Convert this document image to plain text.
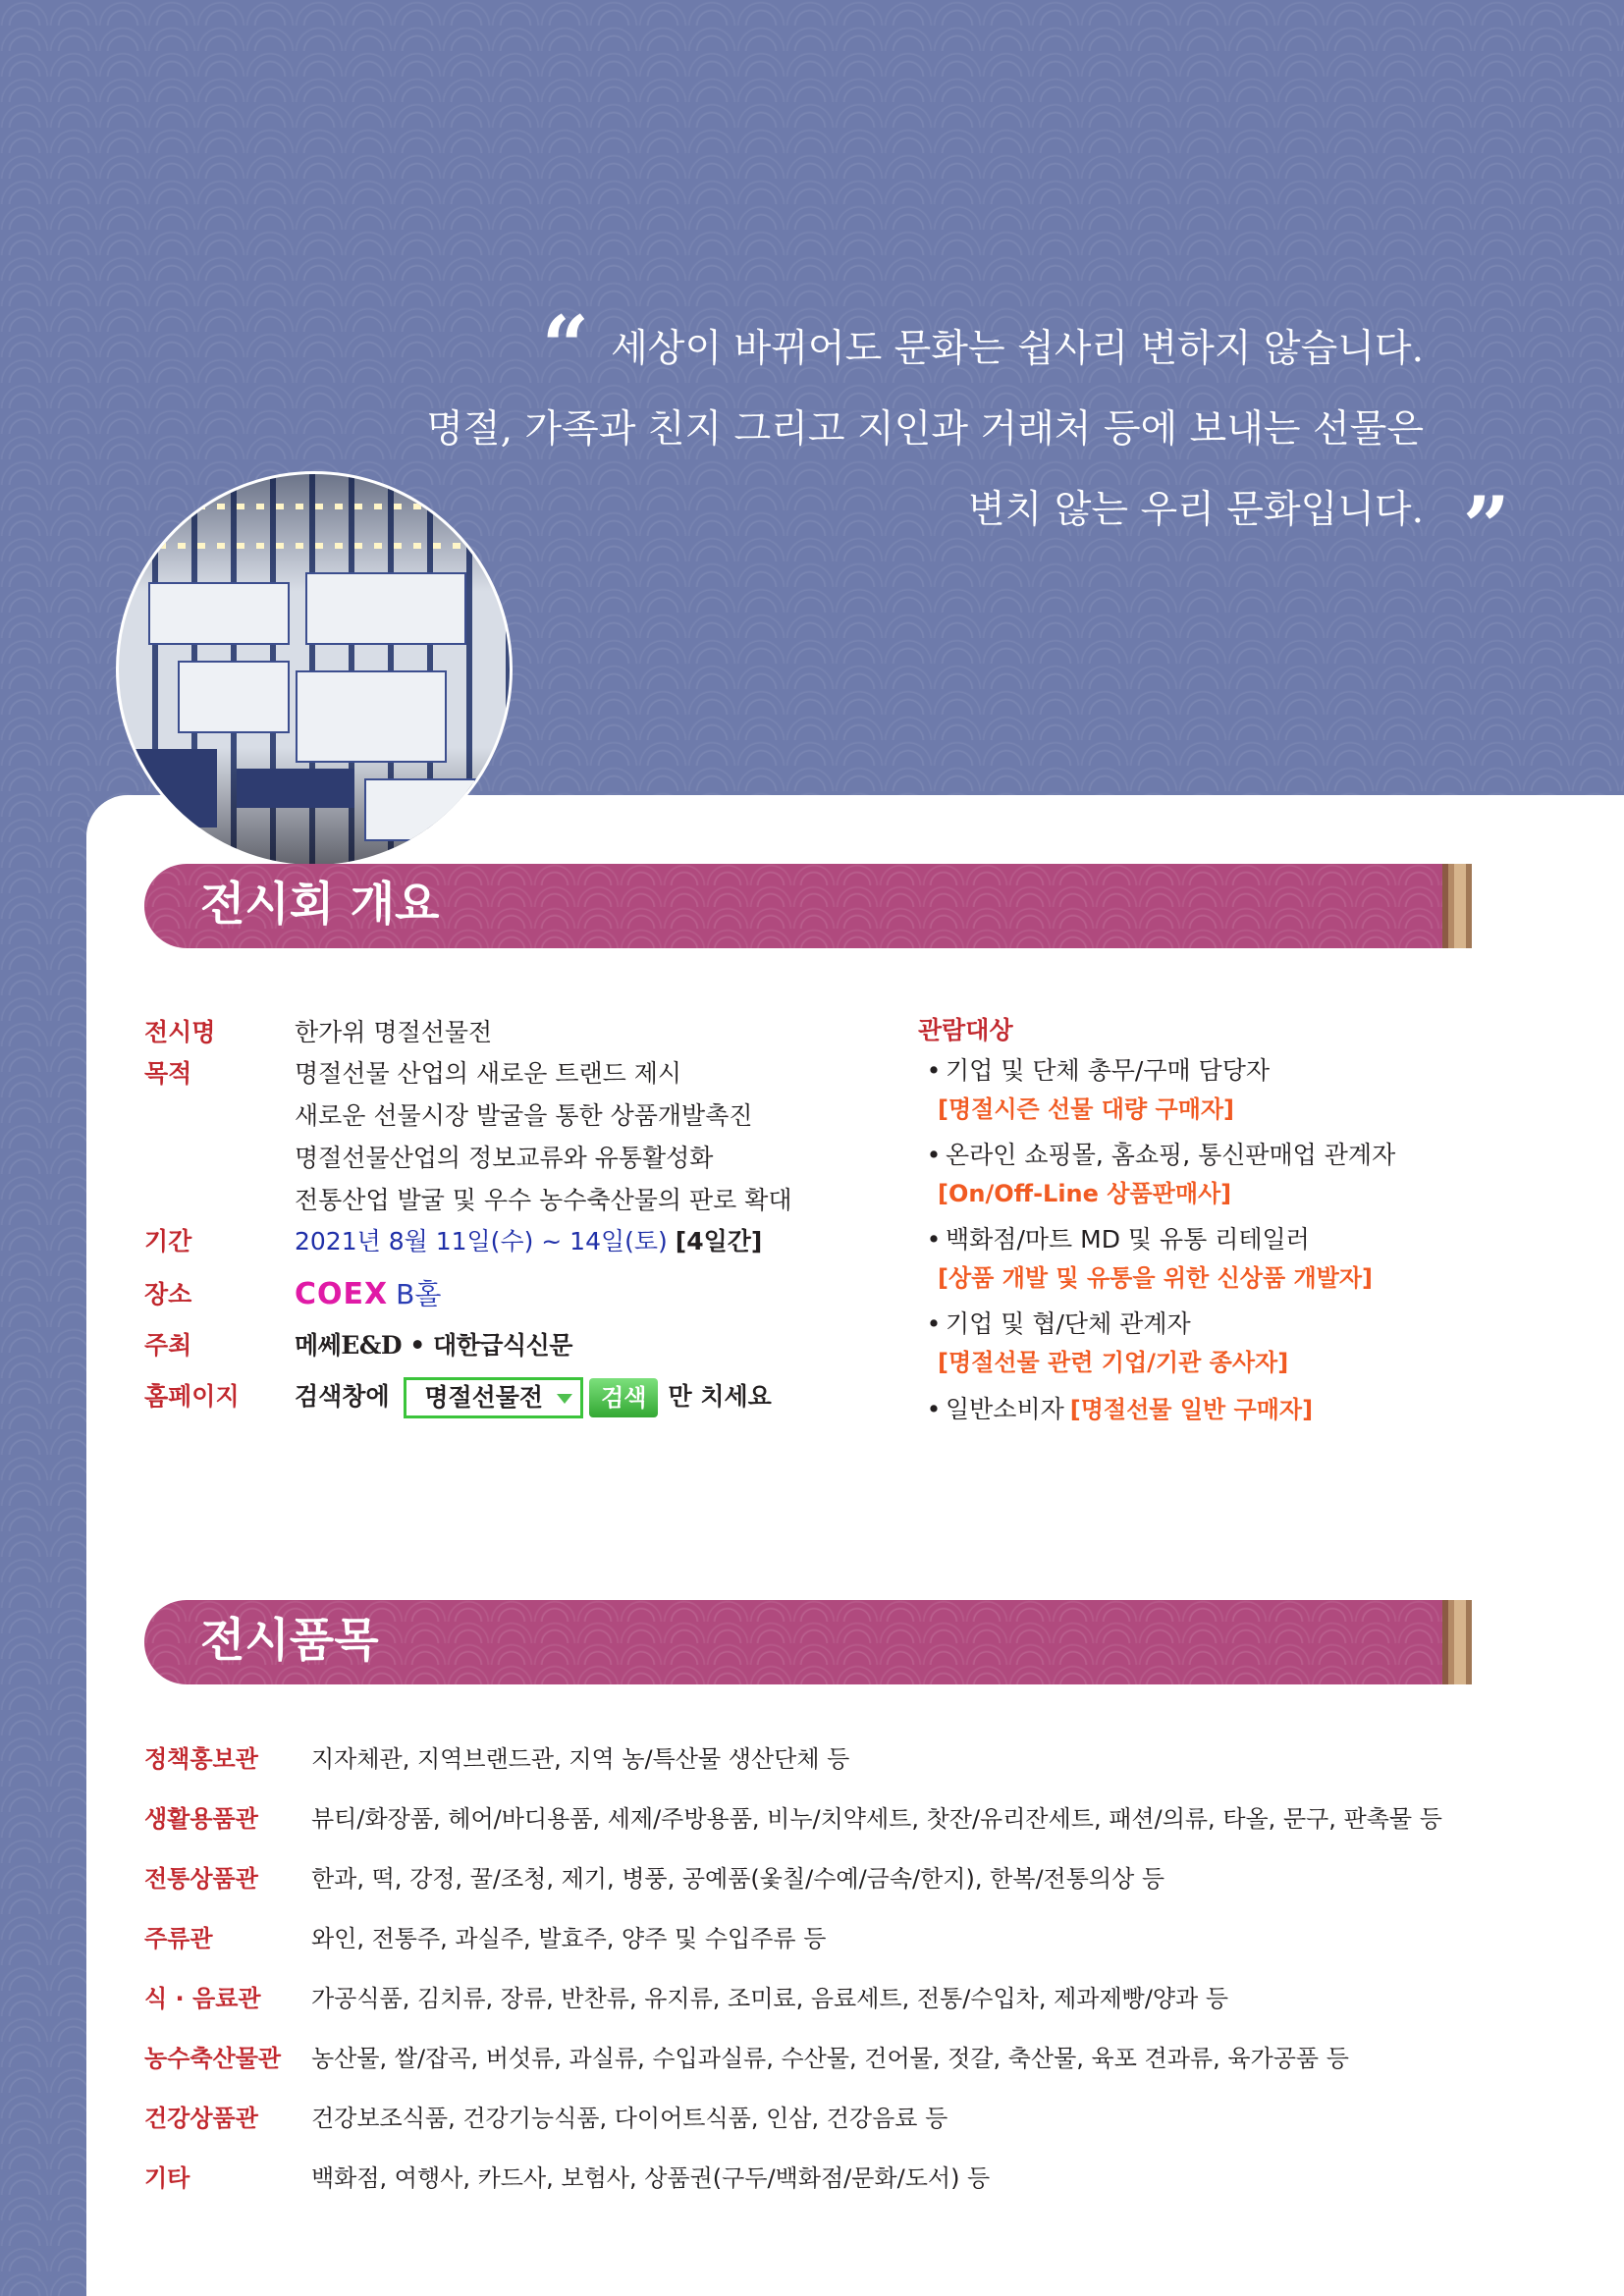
“ 세상이 바뀌어도 문화는 쉽사리 변하지 않습니다.
명절, 가족과 친지 그리고 지인과 거래처 등에 보내는 선물은
변치 않는 우리 문화입니다. ”
전시회 개요
전시명	한가위 명절선물전
목적	명절선물 산업의 새로운 트랜드 제시
새로운 선물시장 발굴을 통한 상품개발촉진
명절선물산업의 정보교류와 유통활성화
전통산업 발굴 및 우수 농수축산물의 판로 확대
기간	2021년 8월 11일(수) ~ 14일(토) [4일간]
장소	COEX B홀
주최	메쎄E&D • 대한급식신문
홈페이지	검색창에 명절선물전 검색 만 치세요
관람대상
• 기업 및 단체 총무/구매 담당자
[명절시즌 선물 대량 구매자]
• 온라인 쇼핑몰, 홈쇼핑, 통신판매업 관계자
[On/Off-Line 상품판매사]
• 백화점/마트 MD 및 유통 리테일러
[상품 개발 및 유통을 위한 신상품 개발자]
• 기업 및 협/단체 관계자
[명절선물 관련 기업/기관 종사자]
• 일반소비자 [명절선물 일반 구매자]
전시품목
정책홍보관 지자체관, 지역브랜드관, 지역 농/특산물 생산단체 등
생활용품관 뷰티/화장품, 헤어/바디용품, 세제/주방용품, 비누/치약세트, 찻잔/유리잔세트, 패션/의류, 타올, 문구, 판촉물 등
전통상품관 한과, 떡, 강정, 꿀/조청, 제기, 병풍, 공예품(옻칠/수예/금속/한지), 한복/전통의상 등
주류관	와인, 전통주, 과실주, 발효주, 양주 및 수입주류 등
식 · 음료관 가공식품, 김치류, 장류, 반찬류, 유지류, 조미료, 음료세트, 전통/수입차, 제과제빵/양과 등
농수축산물관 농산물, 쌀/잡곡, 버섯류, 과실류, 수입과실류, 수산물, 건어물, 젓갈, 축산물, 육포 견과류, 육가공품 등
건강상품관 건강보조식품, 건강기능식품, 다이어트식품, 인삼, 건강음료 등
기타	백화점, 여행사, 카드사, 보험사, 상품권(구두/백화점/문화/도서) 등
